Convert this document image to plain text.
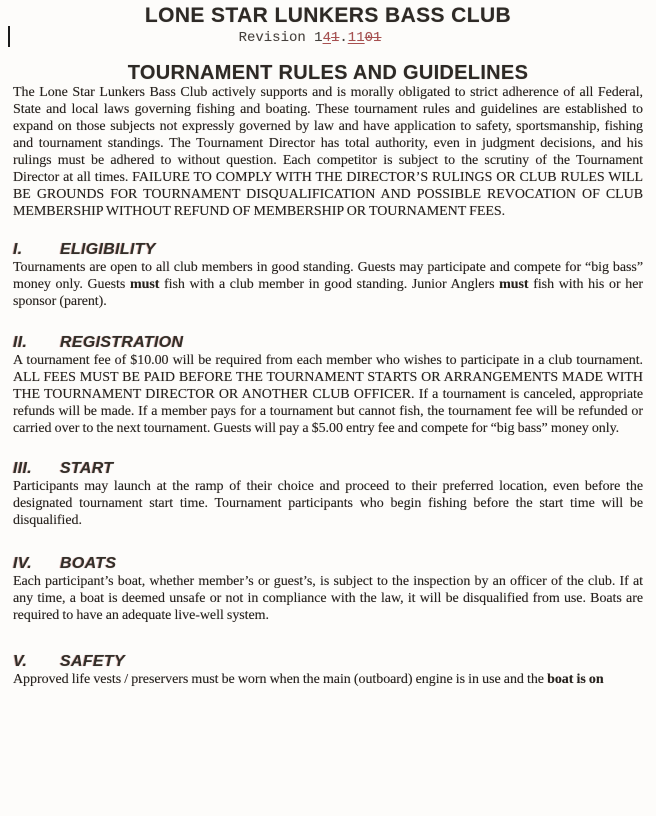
LONE STAR LUNKERS BASS CLUB
Revision 141.1101
TOURNAMENT RULES AND GUIDELINES

The Lone Star Lunkers Bass Club actively supports and is morally obligated to strict adherence of all Federal, State and local laws governing fishing and boating. These tournament rules and guidelines are established to expand on those subjects not expressly governed by law and have application to safety, sportsmanship, fishing and tournament standings. The Tournament Director has total authority, even in judgment decisions, and his rulings must be adhered to without question. Each competitor is subject to the scrutiny of the Tournament Director at all times. FAILURE TO COMPLY WITH THE DIRECTOR’S RULINGS OR CLUB RULES WILL BE GROUNDS FOR TOURNAMENT DISQUALIFICATION AND POSSIBLE REVOCATION OF CLUB MEMBERSHIP WITHOUT REFUND OF MEMBERSHIP OR TOURNAMENT FEES.

I. ELIGIBILITY

Tournaments are open to all club members in good standing. Guests may participate and compete for “big bass” money only. Guests must fish with a club member in good standing. Junior Anglers must fish with his or her sponsor (parent).

II. REGISTRATION

A tournament fee of $10.00 will be required from each member who wishes to participate in a club tournament. ALL FEES MUST BE PAID BEFORE THE TOURNAMENT STARTS OR ARRANGEMENTS MADE WITH THE TOURNAMENT DIRECTOR OR ANOTHER CLUB OFFICER. If a tournament is canceled, appropriate refunds will be made. If a member pays for a tournament but cannot fish, the tournament fee will be refunded or carried over to the next tournament. Guests will pay a $5.00 entry fee and compete for “big bass” money only.

III. START

Participants may launch at the ramp of their choice and proceed to their preferred location, even before the designated tournament start time. Tournament participants who begin fishing before the start time will be disqualified.

IV. BOATS

Each participant’s boat, whether member’s or guest’s, is subject to the inspection by an officer of the club. If at any time, a boat is deemed unsafe or not in compliance with the law, it will be disqualified from use. Boats are required to have an adequate live-well system.

V. SAFETY

Approved life vests / preservers must be worn when the main (outboard) engine is in use and the boat is on
